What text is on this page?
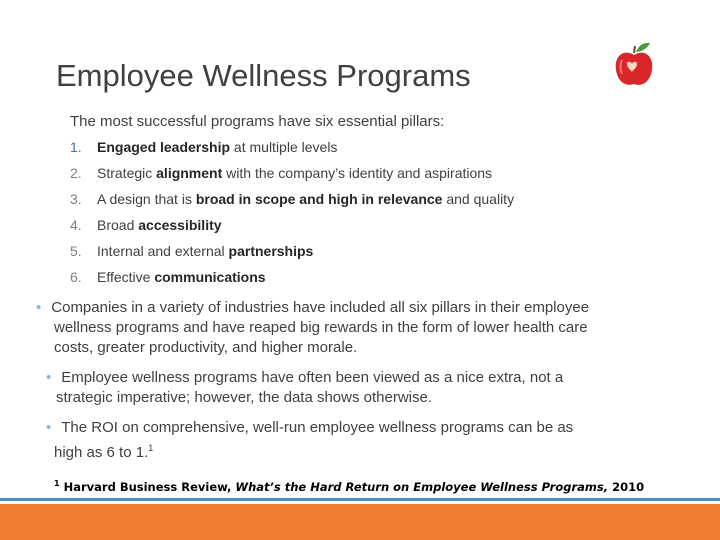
Employee Wellness Programs
The most successful programs have six essential pillars:
1. Engaged leadership at multiple levels
2. Strategic alignment with the company’s identity and aspirations
3. A design that is broad in scope and high in relevance and quality
4. Broad accessibility
5. Internal and external partnerships
6. Effective communications
• Companies in a variety of industries have included all six pillars in their employee
wellness programs and have reaped big rewards in the form of lower health care
costs, greater productivity, and higher morale.
• Employee wellness programs have often been viewed as a nice extra, not a
strategic imperative; however, the data shows otherwise.
• The ROI on comprehensive, well-run employee wellness programs can be as
high as 6 to 1.$^1$
$^1$ Harvard Business Review, What’s the Hard Return on Employee Wellness Programs, 2010
